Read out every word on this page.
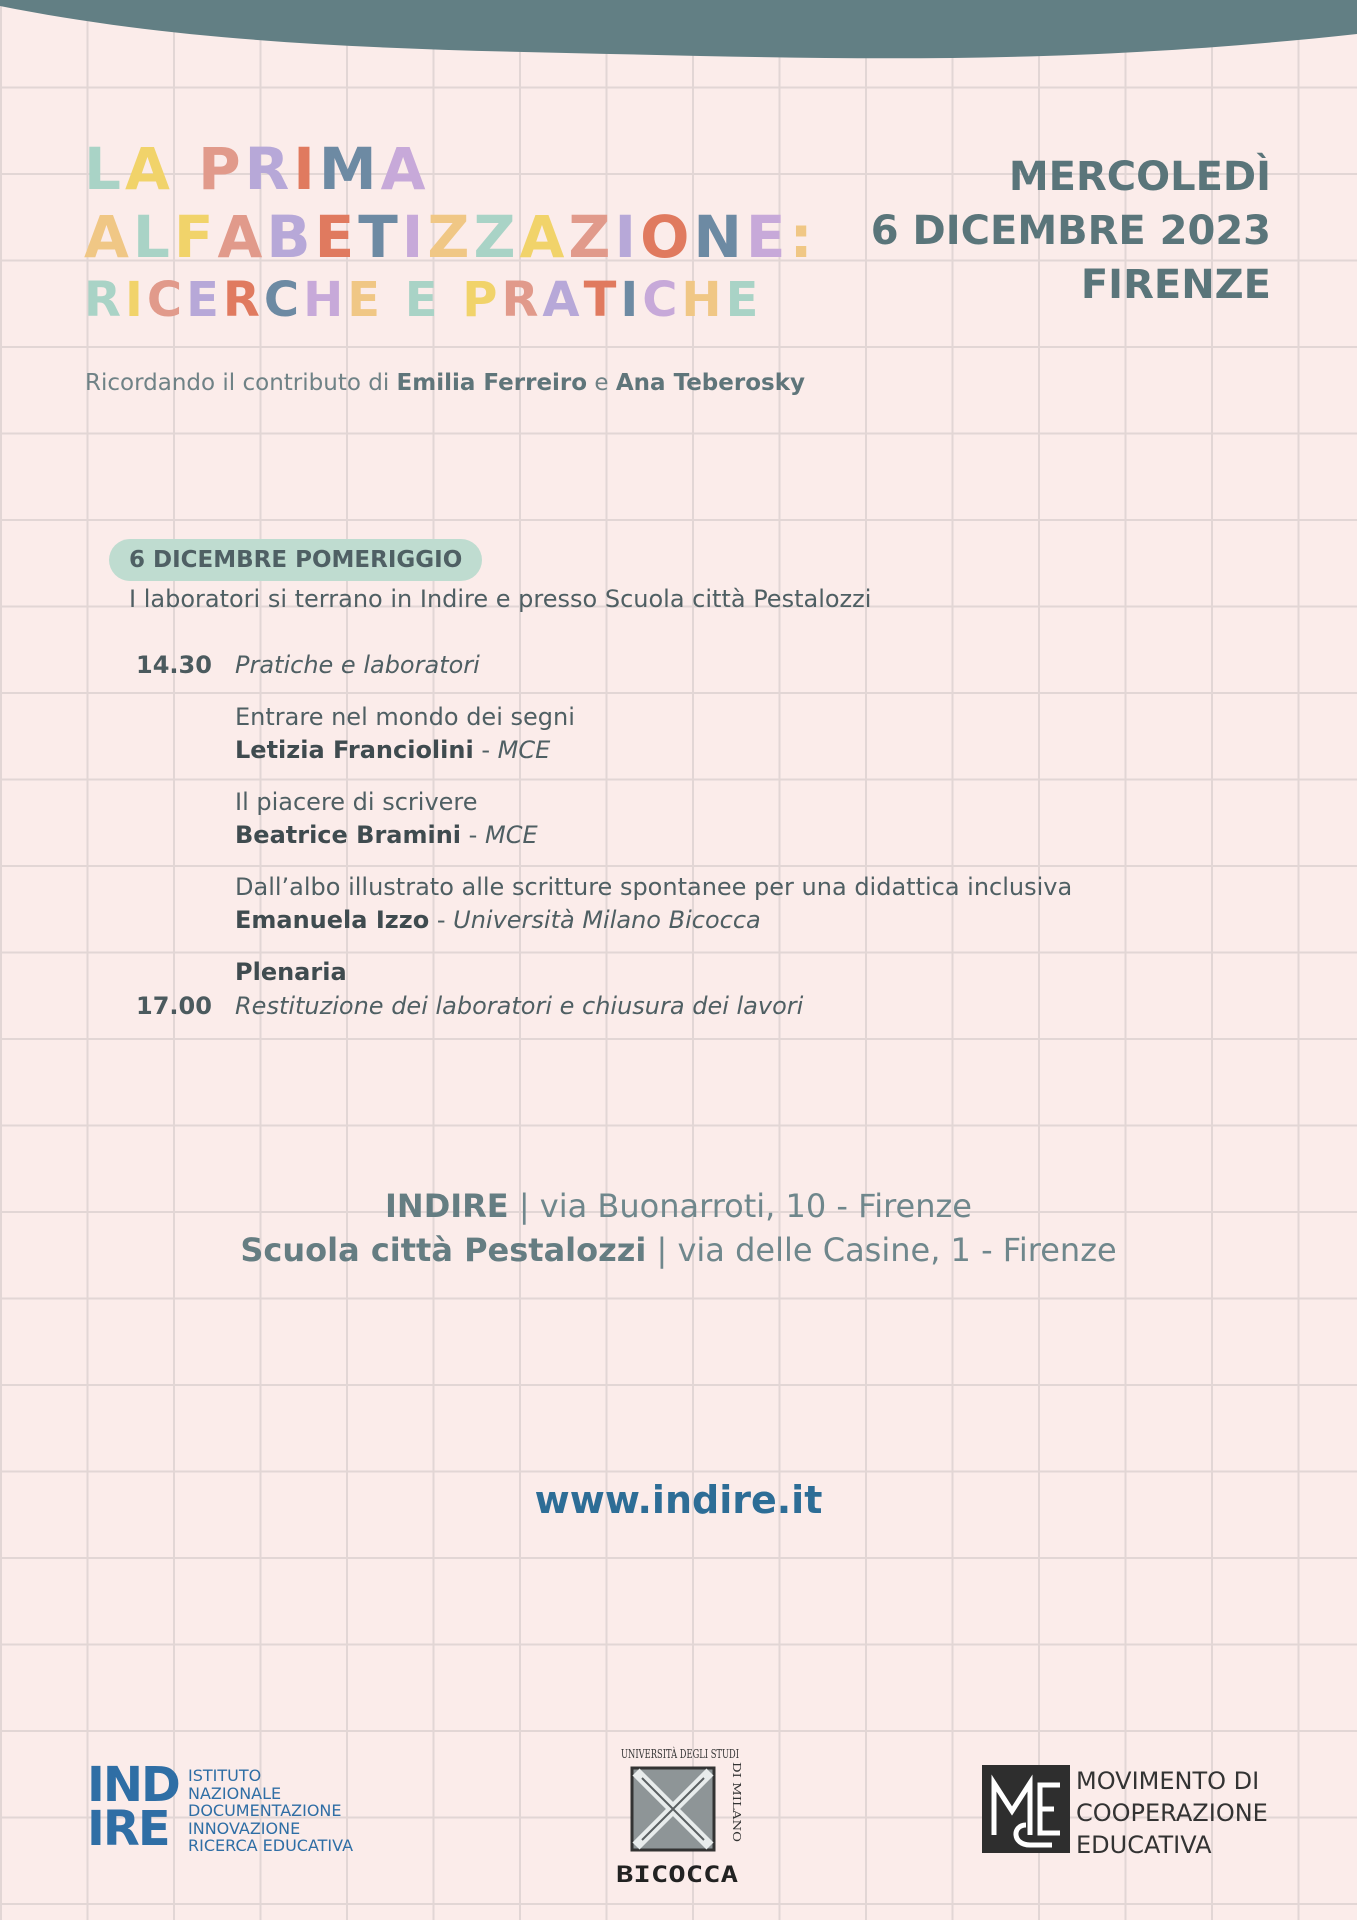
LA PRIMA
ALFABETIZZAZIONE:
RICERCHE E PRATICHE
MERCOLEDÌ
6 DICEMBRE 2023
FIRENZE
Ricordando il contributo di Emilia Ferreiro e Ana Teberosky
6 DICEMBRE POMERIGGIO
I laboratori si terrano in Indire e presso Scuola città Pestalozzi
14.30 Pratiche e laboratori
Entrare nel mondo dei segni
Letizia Franciolini - MCE
Il piacere di scrivere
Beatrice Bramini - MCE
Dall’albo illustrato alle scritture spontanee per una didattica inclusiva
Emanuela Izzo - Università Milano Bicocca
Plenaria
17.00 Restituzione dei laboratori e chiusura dei lavori
INDIRE | via Buonarroti, 10 - Firenze
Scuola città Pestalozzi | via delle Casine, 1 - Firenze
www.indire.it
IND
IRE
ISTITUTO
NAZIONALE
DOCUMENTAZIONE
INNOVAZIONE
RICERCA EDUCATIVA
UNIVERSITÀ DEGLI STUDI
DI MILANO
BICOCCA
MOVIMENTO DI
COOPERAZIONE
EDUCATIVA
